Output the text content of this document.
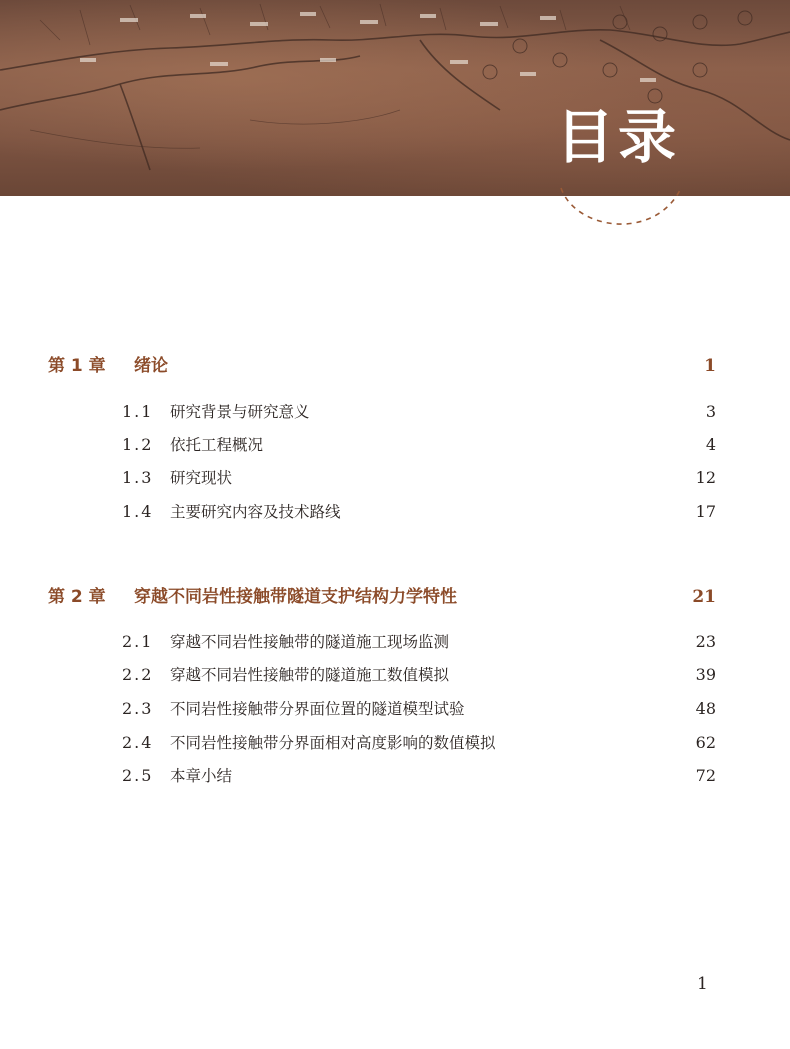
目录
第 1 章	绪论	1
1.1	研究背景与研究意义	3
1.2	依托工程概况	4
1.3	研究现状	12
1.4	主要研究内容及技术路线	17
第 2 章	穿越不同岩性接触带隧道支护结构力学特性	21
2.1	穿越不同岩性接触带的隧道施工现场监测	23
2.2	穿越不同岩性接触带的隧道施工数值模拟	39
2.3	不同岩性接触带分界面位置的隧道模型试验	48
2.4	不同岩性接触带分界面相对高度影响的数值模拟	62
2.5	本章小结	72
1
